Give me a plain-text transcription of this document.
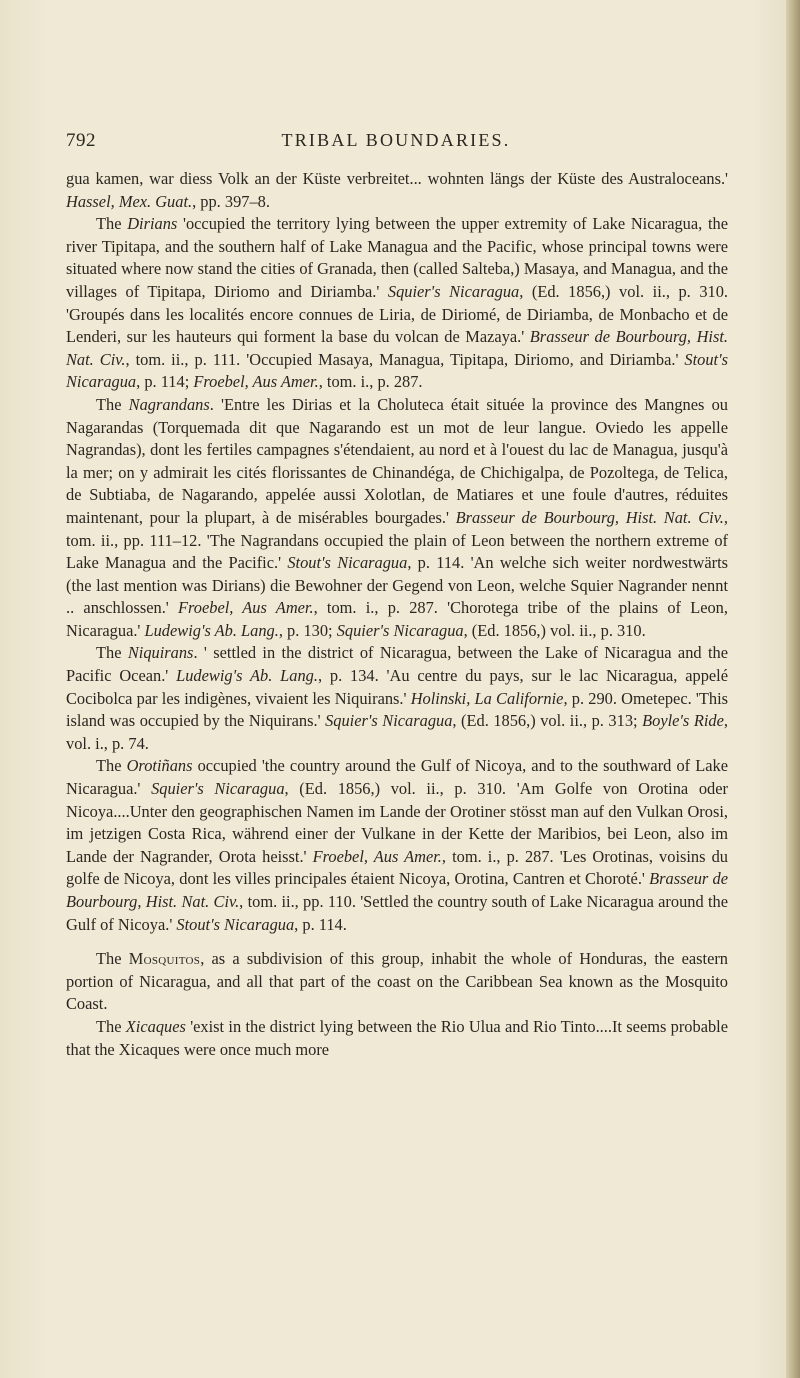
792	TRIBAL BOUNDARIES.

gua kamen, war diess Volk an der Küste verbreitet... wohnten längs der Küste des Australoceans.' Hassel, Mex. Guat., pp. 397–8.

The Dirians 'occupied the territory lying between the upper extremity of Lake Nicaragua, the river Tipitapa, and the southern half of Lake Managua and the Pacific, whose principal towns were situated where now stand the cities of Granada, then (called Salteba,) Masaya, and Managua, and the villages of Tipitapa, Diriomo and Diriamba.' Squier's Nicaragua, (Ed. 1856,) vol. ii., p. 310. 'Groupés dans les localités encore connues de Liria, de Diriomé, de Diriamba, de Monbacho et de Lenderi, sur les hauteurs qui forment la base du volcan de Mazaya.' Brasseur de Bourbourg, Hist. Nat. Civ., tom. ii., p. 111. 'Occupied Masaya, Managua, Tipitapa, Diriomo, and Diriamba.' Stout's Nicaragua, p. 114; Froebel, Aus Amer., tom. i., p. 287.

The Nagrandans. 'Entre les Dirias et la Choluteca était située la province des Mangnes ou Nagarandas (Torquemada dit que Nagarando est un mot de leur langue. Oviedo les appelle Nagrandas), dont les fertiles campagnes s'étendaient, au nord et à l'ouest du lac de Managua, jusqu'à la mer; on y admirait les cités florissantes de Chinandéga, de Chichigalpa, de Pozoltega, de Telica, de Subtiaba, de Nagarando, appelée aussi Xolotlan, de Matiares et une foule d'autres, réduites maintenant, pour la plupart, à de misérables bourgades.' Brasseur de Bourbourg, Hist. Nat. Civ., tom. ii., pp. 111–12. 'The Nagrandans occupied the plain of Leon between the northern extreme of Lake Managua and the Pacific.' Stout's Nicaragua, p. 114. 'An welche sich weiter nordwestwärts (the last mention was Dirians) die Bewohner der Gegend von Leon, welche Squier Nagrander nennt .. anschlossen.' Froebel, Aus Amer., tom. i., p. 287. 'Chorotega tribe of the plains of Leon, Nicaragua.' Ludewig's Ab. Lang., p. 130; Squier's Nicaragua, (Ed. 1856,) vol. ii., p. 310.

The Niquirans. ' settled in the district of Nicaragua, between the Lake of Nicaragua and the Pacific Ocean.' Ludewig's Ab. Lang., p. 134. 'Au centre du pays, sur le lac Nicaragua, appelé Cocibolca par les indigènes, vivaient les Niquirans.' Holinski, La Californie, p. 290. Ometepec. 'This island was occupied by the Niquirans.' Squier's Nicaragua, (Ed. 1856,) vol. ii., p. 313; Boyle's Ride, vol. i., p. 74.

The Orotiñans occupied 'the country around the Gulf of Nicoya, and to the southward of Lake Nicaragua.' Squier's Nicaragua, (Ed. 1856,) vol. ii., p. 310. 'Am Golfe von Orotina oder Nicoya....Unter den geographischen Namen im Lande der Orotiner stösst man auf den Vulkan Orosi, im jetzigen Costa Rica, während einer der Vulkane in der Kette der Maribios, bei Leon, also im Lande der Nagrander, Orota heisst.' Froebel, Aus Amer., tom. i., p. 287. 'Les Orotinas, voisins du golfe de Nicoya, dont les villes principales étaient Nicoya, Orotina, Cantren et Choroté.' Brasseur de Bourbourg, Hist. Nat. Civ., tom. ii., pp. 110. 'Settled the country south of Lake Nicaragua around the Gulf of Nicoya.' Stout's Nicaragua, p. 114.

The Mosquitos, as a subdivision of this group, inhabit the whole of Honduras, the eastern portion of Nicaragua, and all that part of the coast on the Caribbean Sea known as the Mosquito Coast.

The Xicaques 'exist in the district lying between the Rio Ulua and Rio Tinto....It seems probable that the Xicaques were once much more
